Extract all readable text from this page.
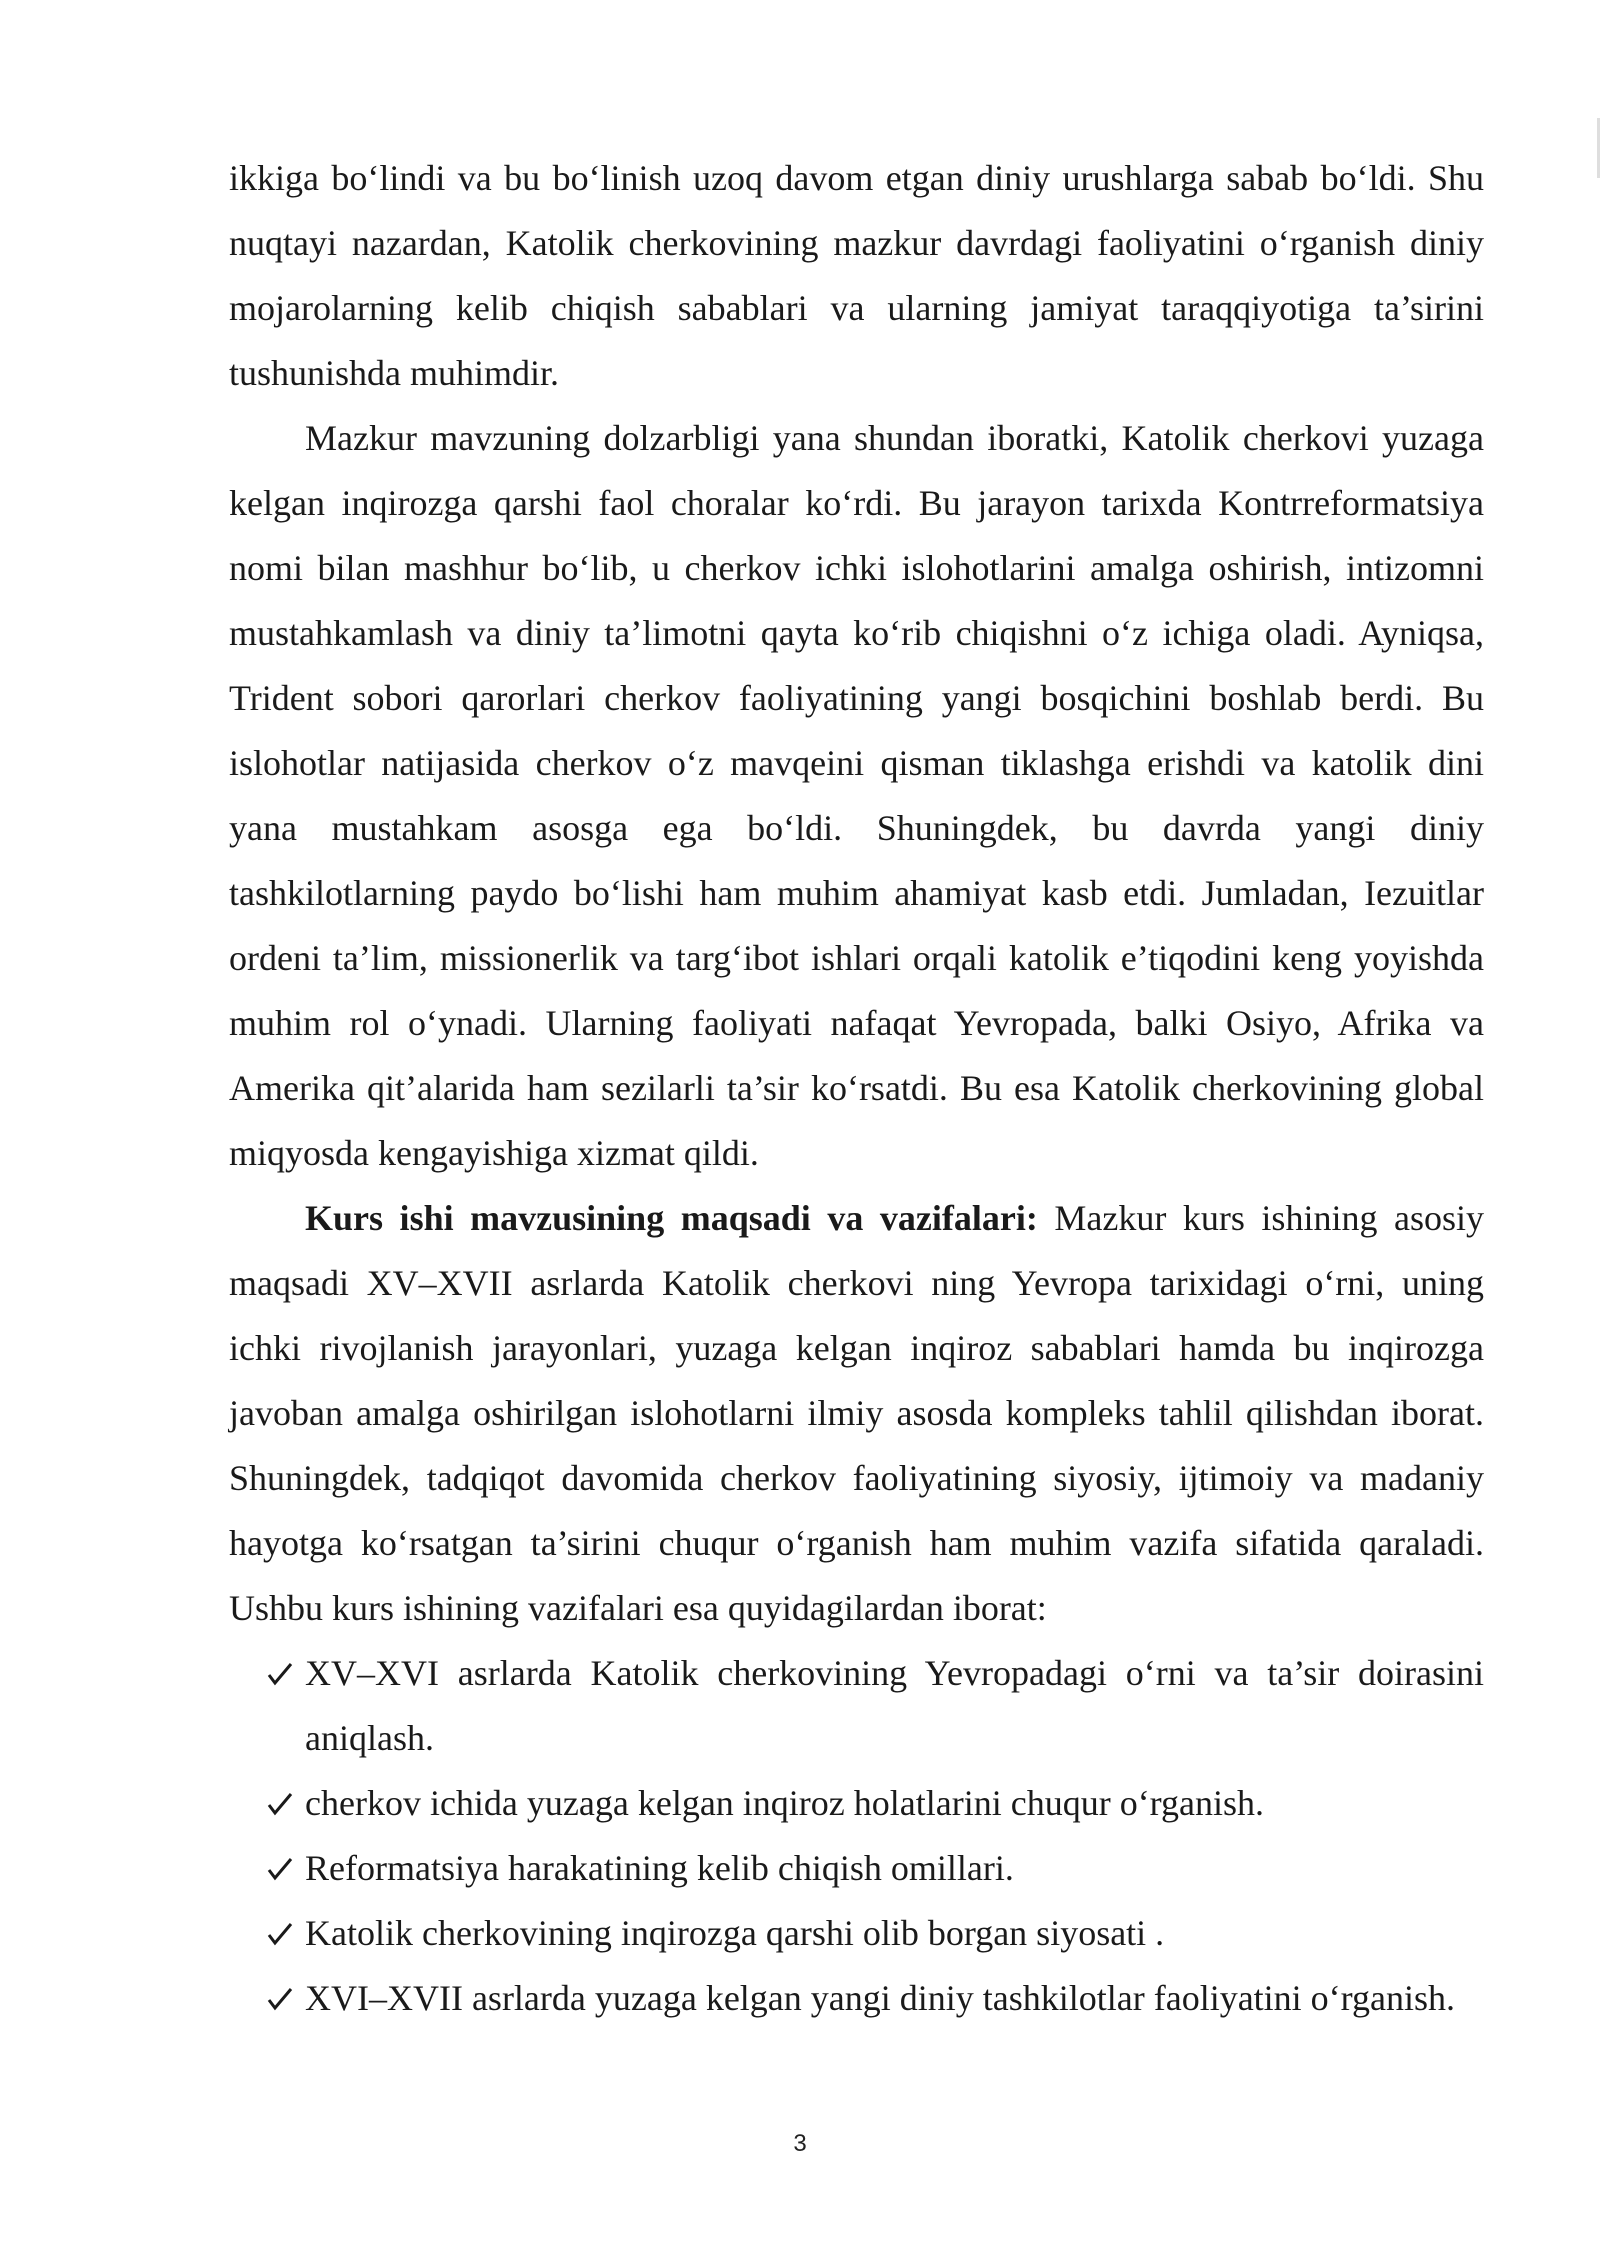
ikkiga bo‘lindi va bu bo‘linish uzoq davom etgan diniy urushlarga sabab bo‘ldi. Shu nuqtayi nazardan, Katolik cherkovining mazkur davrdagi faoliyatini o‘rganish diniy mojarolarning kelib chiqish sabablari va ularning jamiyat taraqqiyotiga ta’sirini tushunishda muhimdir.

Mazkur mavzuning dolzarbligi yana shundan iboratki, Katolik cherkovi yuzaga kelgan inqirozga qarshi faol choralar ko‘rdi. Bu jarayon tarixda Kontrreformatsiya nomi bilan mashhur bo‘lib, u cherkov ichki islohotlarini amalga oshirish, intizomni mustahkamlash va diniy ta’limotni qayta ko‘rib chiqishni o‘z ichiga oladi. Ayniqsa, Trident sobori qarorlari cherkov faoliyatining yangi bosqichini boshlab berdi. Bu islohotlar natijasida cherkov o‘z mavqeini qisman tiklashga erishdi va katolik dini yana mustahkam asosga ega bo‘ldi. Shuningdek, bu davrda yangi diniy tashkilotlarning paydo bo‘lishi ham muhim ahamiyat kasb etdi. Jumladan, Iezuitlar ordeni ta’lim, missionerlik va targ‘ibot ishlari orqali katolik e’tiqodini keng yoyishda muhim rol o‘ynadi. Ularning faoliyati nafaqat Yevropada, balki Osiyo, Afrika va Amerika qit’alarida ham sezilarli ta’sir ko‘rsatdi. Bu esa Katolik cherkovining global miqyosda kengayishiga xizmat qildi.

Kurs ishi mavzusining maqsadi va vazifalari: Mazkur kurs ishining asosiy maqsadi XV–XVII asrlarda Katolik cherkovi ning Yevropa tarixidagi o‘rni, uning ichki rivojlanish jarayonlari, yuzaga kelgan inqiroz sabablari hamda bu inqirozga javoban amalga oshirilgan islohotlarni ilmiy asosda kompleks tahlil qilishdan iborat. Shuningdek, tadqiqot davomida cherkov faoliyatining siyosiy, ijtimoiy va madaniy hayotga ko‘rsatgan ta’sirini chuqur o‘rganish ham muhim vazifa sifatida qaraladi. Ushbu kurs ishining vazifalari esa quyidagilardan iborat:

XV–XVI asrlarda Katolik cherkovining Yevropadagi o‘rni va ta’sir doirasini aniqlash.
cherkov ichida yuzaga kelgan inqiroz holatlarini chuqur o‘rganish.
Reformatsiya harakatining kelib chiqish omillari.
Katolik cherkovining inqirozga qarshi olib borgan siyosati .
XVI–XVII asrlarda yuzaga kelgan yangi diniy tashkilotlar faoliyatini o‘rganish.
3
